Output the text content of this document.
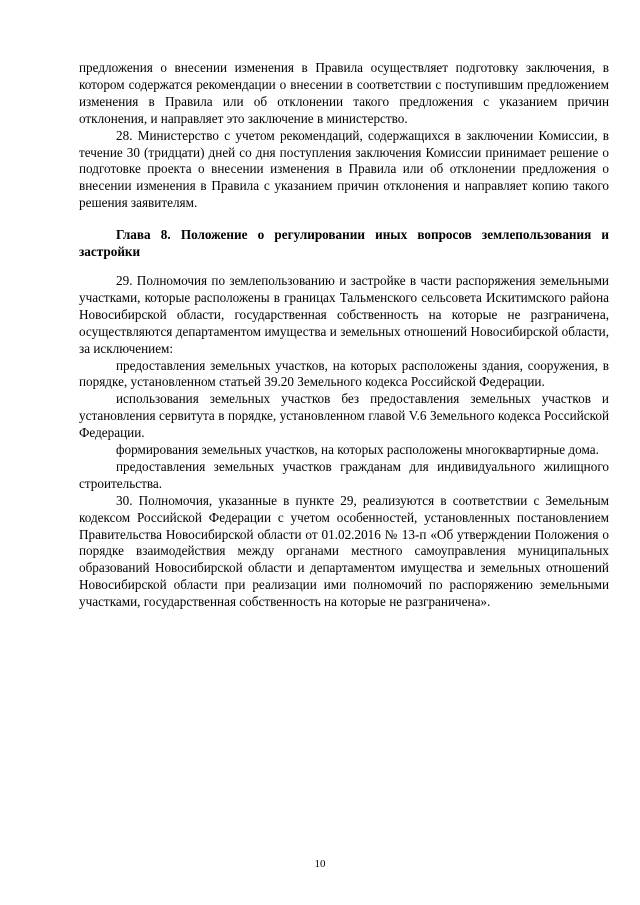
предложения о внесении изменения в Правила осуществляет подготовку заключения, в котором содержатся рекомендации о внесении в соответствии с поступившим предложением изменения в Правила или об отклонении такого предложения с указанием причин отклонения, и направляет это заключение в министерство.

28. Министерство с учетом рекомендаций, содержащихся в заключении Комиссии, в течение 30 (тридцати) дней со дня поступления заключения Комиссии принимает решение о подготовке проекта о внесении изменения в Правила или об отклонении предложения о внесении изменения в Правила с указанием причин отклонения и направляет копию такого решения заявителям.

Глава 8. Положение о регулировании иных вопросов землепользования и застройки

29. Полномочия по землепользованию и застройке в части распоряжения земельными участками, которые расположены в границах Тальменского сельсовета Искитимского района Новосибирской области, государственная собственность на которые не разграничена, осуществляются департаментом имущества и земельных отношений Новосибирской области, за исключением:

предоставления земельных участков, на которых расположены здания, сооружения, в порядке, установленном статьей 39.20 Земельного кодекса Российской Федерации.

использования земельных участков без предоставления земельных участков и установления сервитута в порядке, установленном главой V.6 Земельного кодекса Российской Федерации.

формирования земельных участков, на которых расположены многоквартирные дома.

предоставления земельных участков гражданам для индивидуального жилищного строительства.

30. Полномочия, указанные в пункте 29, реализуются в соответствии с Земельным кодексом Российской Федерации с учетом особенностей, установленных постановлением Правительства Новосибирской области от 01.02.2016 № 13-п «Об утверждении Положения о порядке взаимодействия между органами местного самоуправления муниципальных образований Новосибирской области и департаментом имущества и земельных отношений Новосибирской области при реализации ими полномочий по распоряжению земельными участками, государственная собственность на которые не разграничена».

10
